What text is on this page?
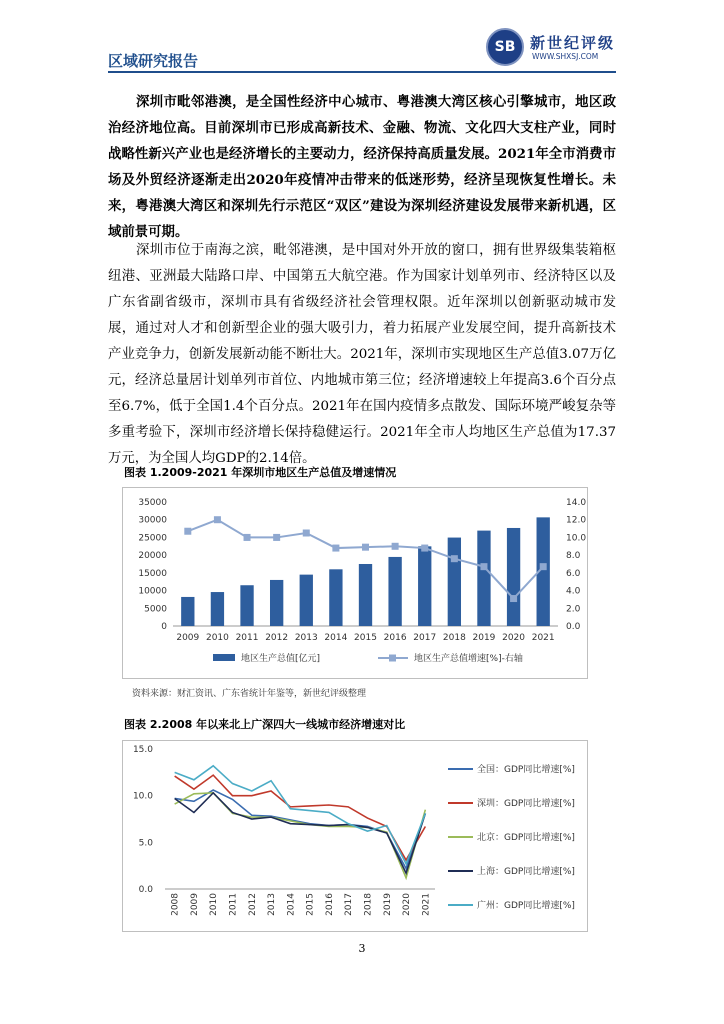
区域研究报告
SB 新世纪评级
WWW.SHXSJ.COM

深圳市毗邻港澳，是全国性经济中心城市、粤港澳大湾区核心引擎城市，地区政治经济地位高。目前深圳市已形成高新技术、金融、物流、文化四大支柱产业，同时战略性新兴产业也是经济增长的主要动力，经济保持高质量发展。2021年全市消费市场及外贸经济逐渐走出2020年疫情冲击带来的低迷形势，经济呈现恢复性增长。未来，粤港澳大湾区和深圳先行示范区“双区”建设为深圳经济建设发展带来新机遇，区域前景可期。

深圳市位于南海之滨，毗邻港澳，是中国对外开放的窗口，拥有世界级集装箱枢纽港、亚洲最大陆路口岸、中国第五大航空港。作为国家计划单列市、经济特区以及广东省副省级市，深圳市具有省级经济社会管理权限。近年深圳以创新驱动城市发展，通过对人才和创新型企业的强大吸引力，着力拓展产业发展空间，提升高新技术产业竞争力，创新发展新动能不断壮大。2021年，深圳市实现地区生产总值3.07万亿元，经济总量居计划单列市首位、内地城市第三位；经济增速较上年提高3.6个百分点至6.7%，低于全国1.4个百分点。2021年在国内疫情多点散发、国际环境严峻复杂等多重考验下，深圳市经济增长保持稳健运行。2021年全市人均地区生产总值为17.37万元，为全国人均GDP的2.14倍。

图表 1.2009-2021 年深圳市地区生产总值及增速情况
0
5000
10000
15000
20000
25000
30000
35000
0.0
2.0
4.0
6.0
8.0
10.0
12.0
14.0
2009 2010 2011 2012 2013 2014 2015 2016 2017 2018 2019 2020 2021
地区生产总值[亿元]	地区生产总值增速[%]-右轴
资料来源：财汇资讯、广东省统计年鉴等，新世纪评级整理
图表 2.2008 年以来北上广深四大一线城市经济增速对比
0.0
5.0
10.0
15.0
2008 2009 2010 2011 2012 2013 2014 2015 2016 2017 2018 2019 2020 2021
全国：GDP同比增速[%]
深圳：GDP同比增速[%]
北京：GDP同比增速[%]
上海：GDP同比增速[%]
广州：GDP同比增速[%]
3
